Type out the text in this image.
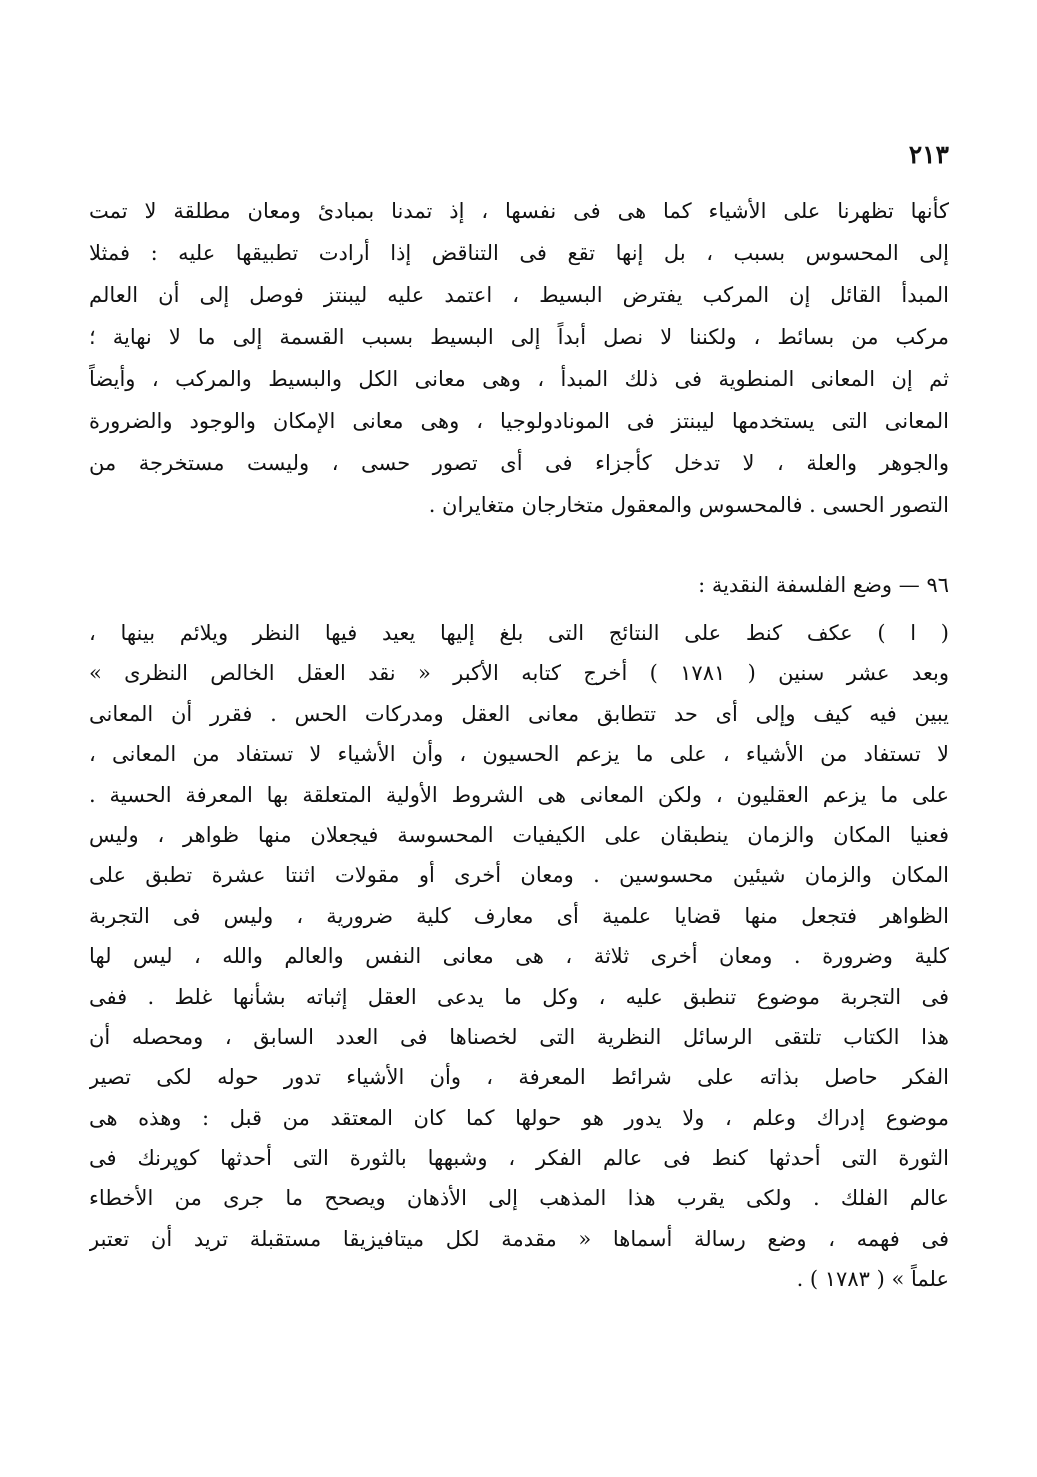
٢١٣

كأنها تظهرنا على الأشياء كما هى فى نفسها ، إذ تمدنا بمبادئ ومعان مطلقة لا تمت
إلى المحسوس بسبب ، بل إنها تقع فى التناقض إذا أرادت تطبيقها عليه : فمثلا
المبدأ القائل إن المركب يفترض البسيط ، اعتمد عليه ليبنتز فوصل إلى أن العالم
مركب من بسائط ، ولكننا لا نصل أبداً إلى البسيط بسبب القسمة إلى ما لا نهاية ؛
ثم إن المعانى المنطوية فى ذلك المبدأ ، وهى معانى الكل والبسيط والمركب ، وأيضاً
المعانى التى يستخدمها ليبنتز فى المونادولوجيا ، وهى معانى الإمكان والوجود والضرورة
والجوهر والعلة ، لا تدخل كأجزاء فى أى تصور حسى ، وليست مستخرجة من
التصور الحسى . فالمحسوس والمعقول متخارجان متغايران .
٩٦ — وضع الفلسفة النقدية :
( ا ) عكف كنط على النتائج التى بلغ إليها يعيد فيها النظر ويلائم بينها ،
وبعد عشر سنين ( ١٧٨١ ) أخرج كتابه الأكبر « نقد العقل الخالص النظرى »
يبين فيه كيف وإلى أى حد تتطابق معانى العقل ومدركات الحس . فقرر أن المعانى
لا تستفاد من الأشياء ، على ما يزعم الحسيون ، وأن الأشياء لا تستفاد من المعانى ،
على ما يزعم العقليون ، ولكن المعانى هى الشروط الأولية المتعلقة بها المعرفة الحسية .
فعنيا المكان والزمان ينطبقان على الكيفيات المحسوسة فيجعلان منها ظواهر ، وليس
المكان والزمان شيئين محسوسين . ومعان أخرى أو مقولات اثنتا عشرة تطبق على
الظواهر فتجعل منها قضايا علمية أى معارف كلية ضرورية ، وليس فى التجربة
كلية وضرورة . ومعان أخرى ثلاثة ، هى معانى النفس والعالم والله ، ليس لها
فى التجربة موضوع تنطبق عليه ، وكل ما يدعى العقل إثباته بشأنها غلط . ففى
هذا الكتاب تلتقى الرسائل النظرية التى لخصناها فى العدد السابق ، ومحصله أن
الفكر حاصل بذاته على شرائط المعرفة ، وأن الأشياء تدور حوله لكى تصير
موضوع إدراك وعلم ، ولا يدور هو حولها كما كان المعتقد من قبل : وهذه هى
الثورة التى أحدثها كنط فى عالم الفكر ، وشبهها بالثورة التى أحدثها كوپرنك فى
عالم الفلك . ولكى يقرب هذا المذهب إلى الأذهان ويصحح ما جرى من الأخطاء
فى فهمه ، وضع رسالة أسماها « مقدمة لكل ميتافيزيقا مستقبلة تريد أن تعتبر
علماً » ( ١٧٨٣ ) .
